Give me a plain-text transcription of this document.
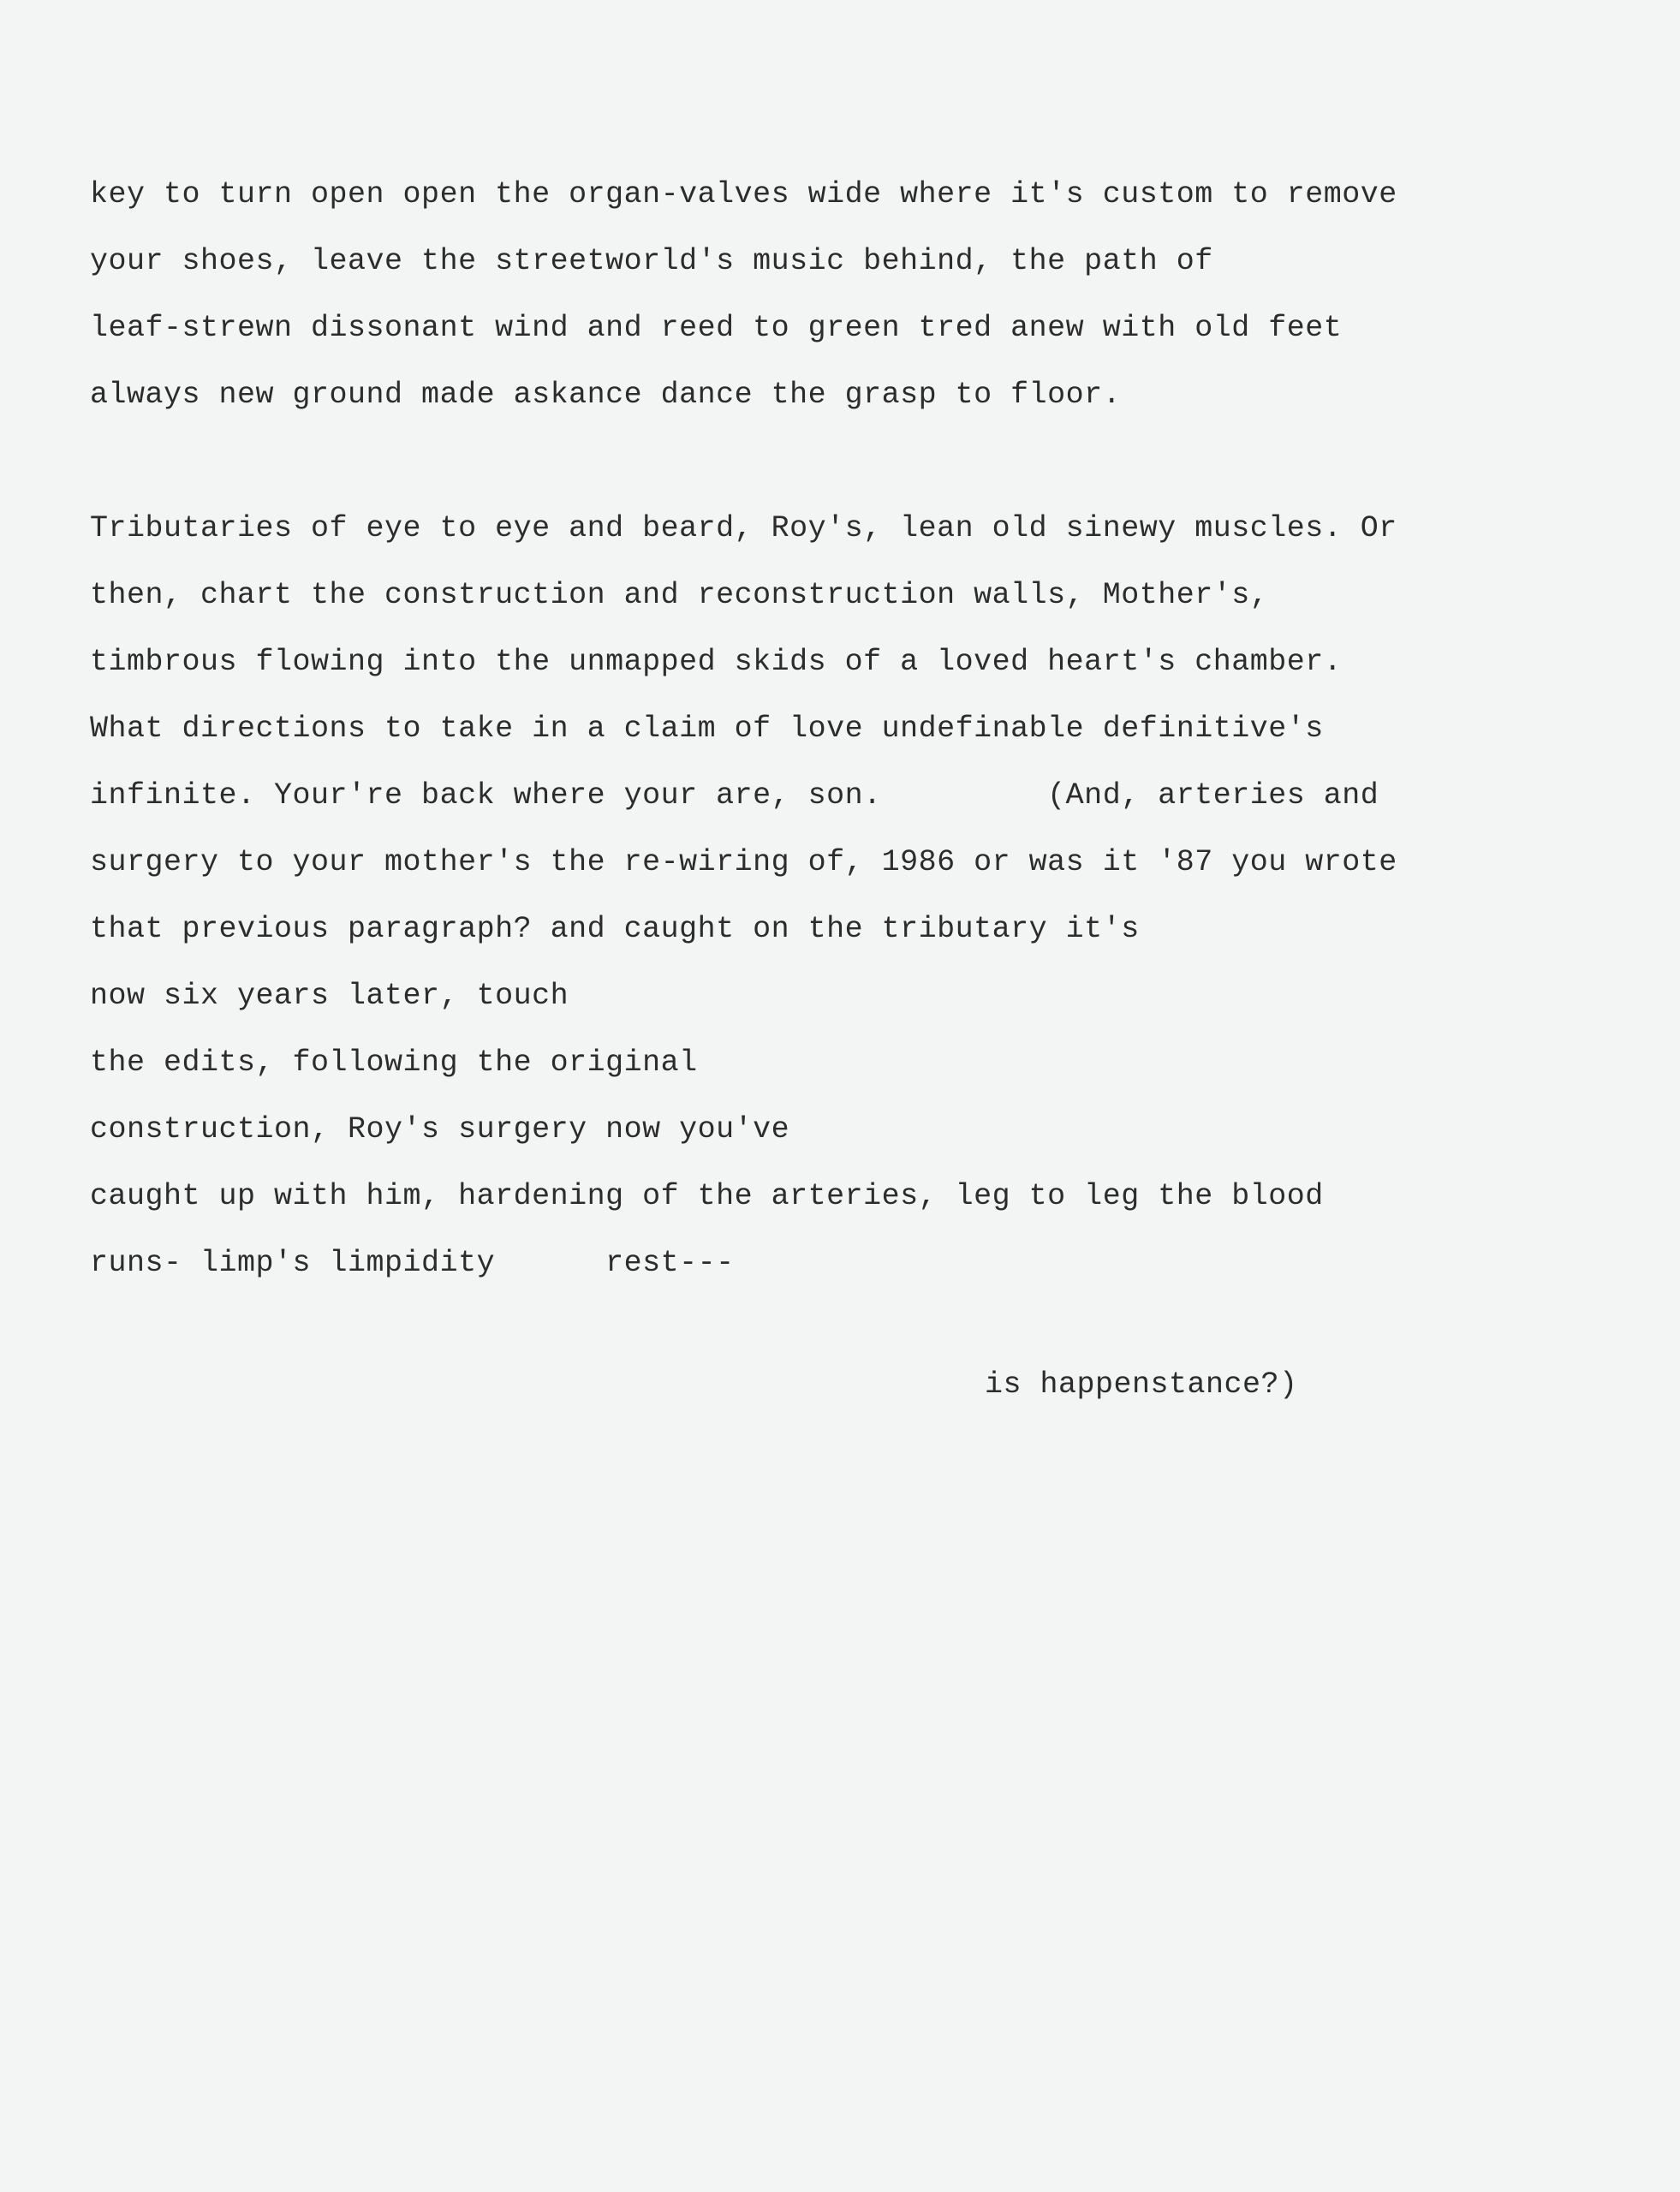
key to turn open open the organ-valves wide where it's custom to remove
your shoes, leave the streetworld's music behind, the path of
leaf-strewn dissonant wind and reed to green tred anew with old feet
always new ground made askance dance the grasp to floor.
Tributaries of eye to eye and beard, Roy's, lean old sinewy muscles. Or
then, chart the construction and reconstruction walls, Mother's,
timbrous flowing into the unmapped skids of a loved heart's chamber.
What directions to take in a claim of love undefinable definitive's
infinite. Your're back where your are, son.         (And, arteries and
surgery to your mother's the re-wiring of, 1986 or was it '87 you wrote
that previous paragraph? and caught on the tributary it's
now six years later, touch
the edits, following the original
construction, Roy's surgery now you've
caught up with him, hardening of the arteries, leg to leg the blood
runs- limp's limpidity      rest---
is happenstance?)
